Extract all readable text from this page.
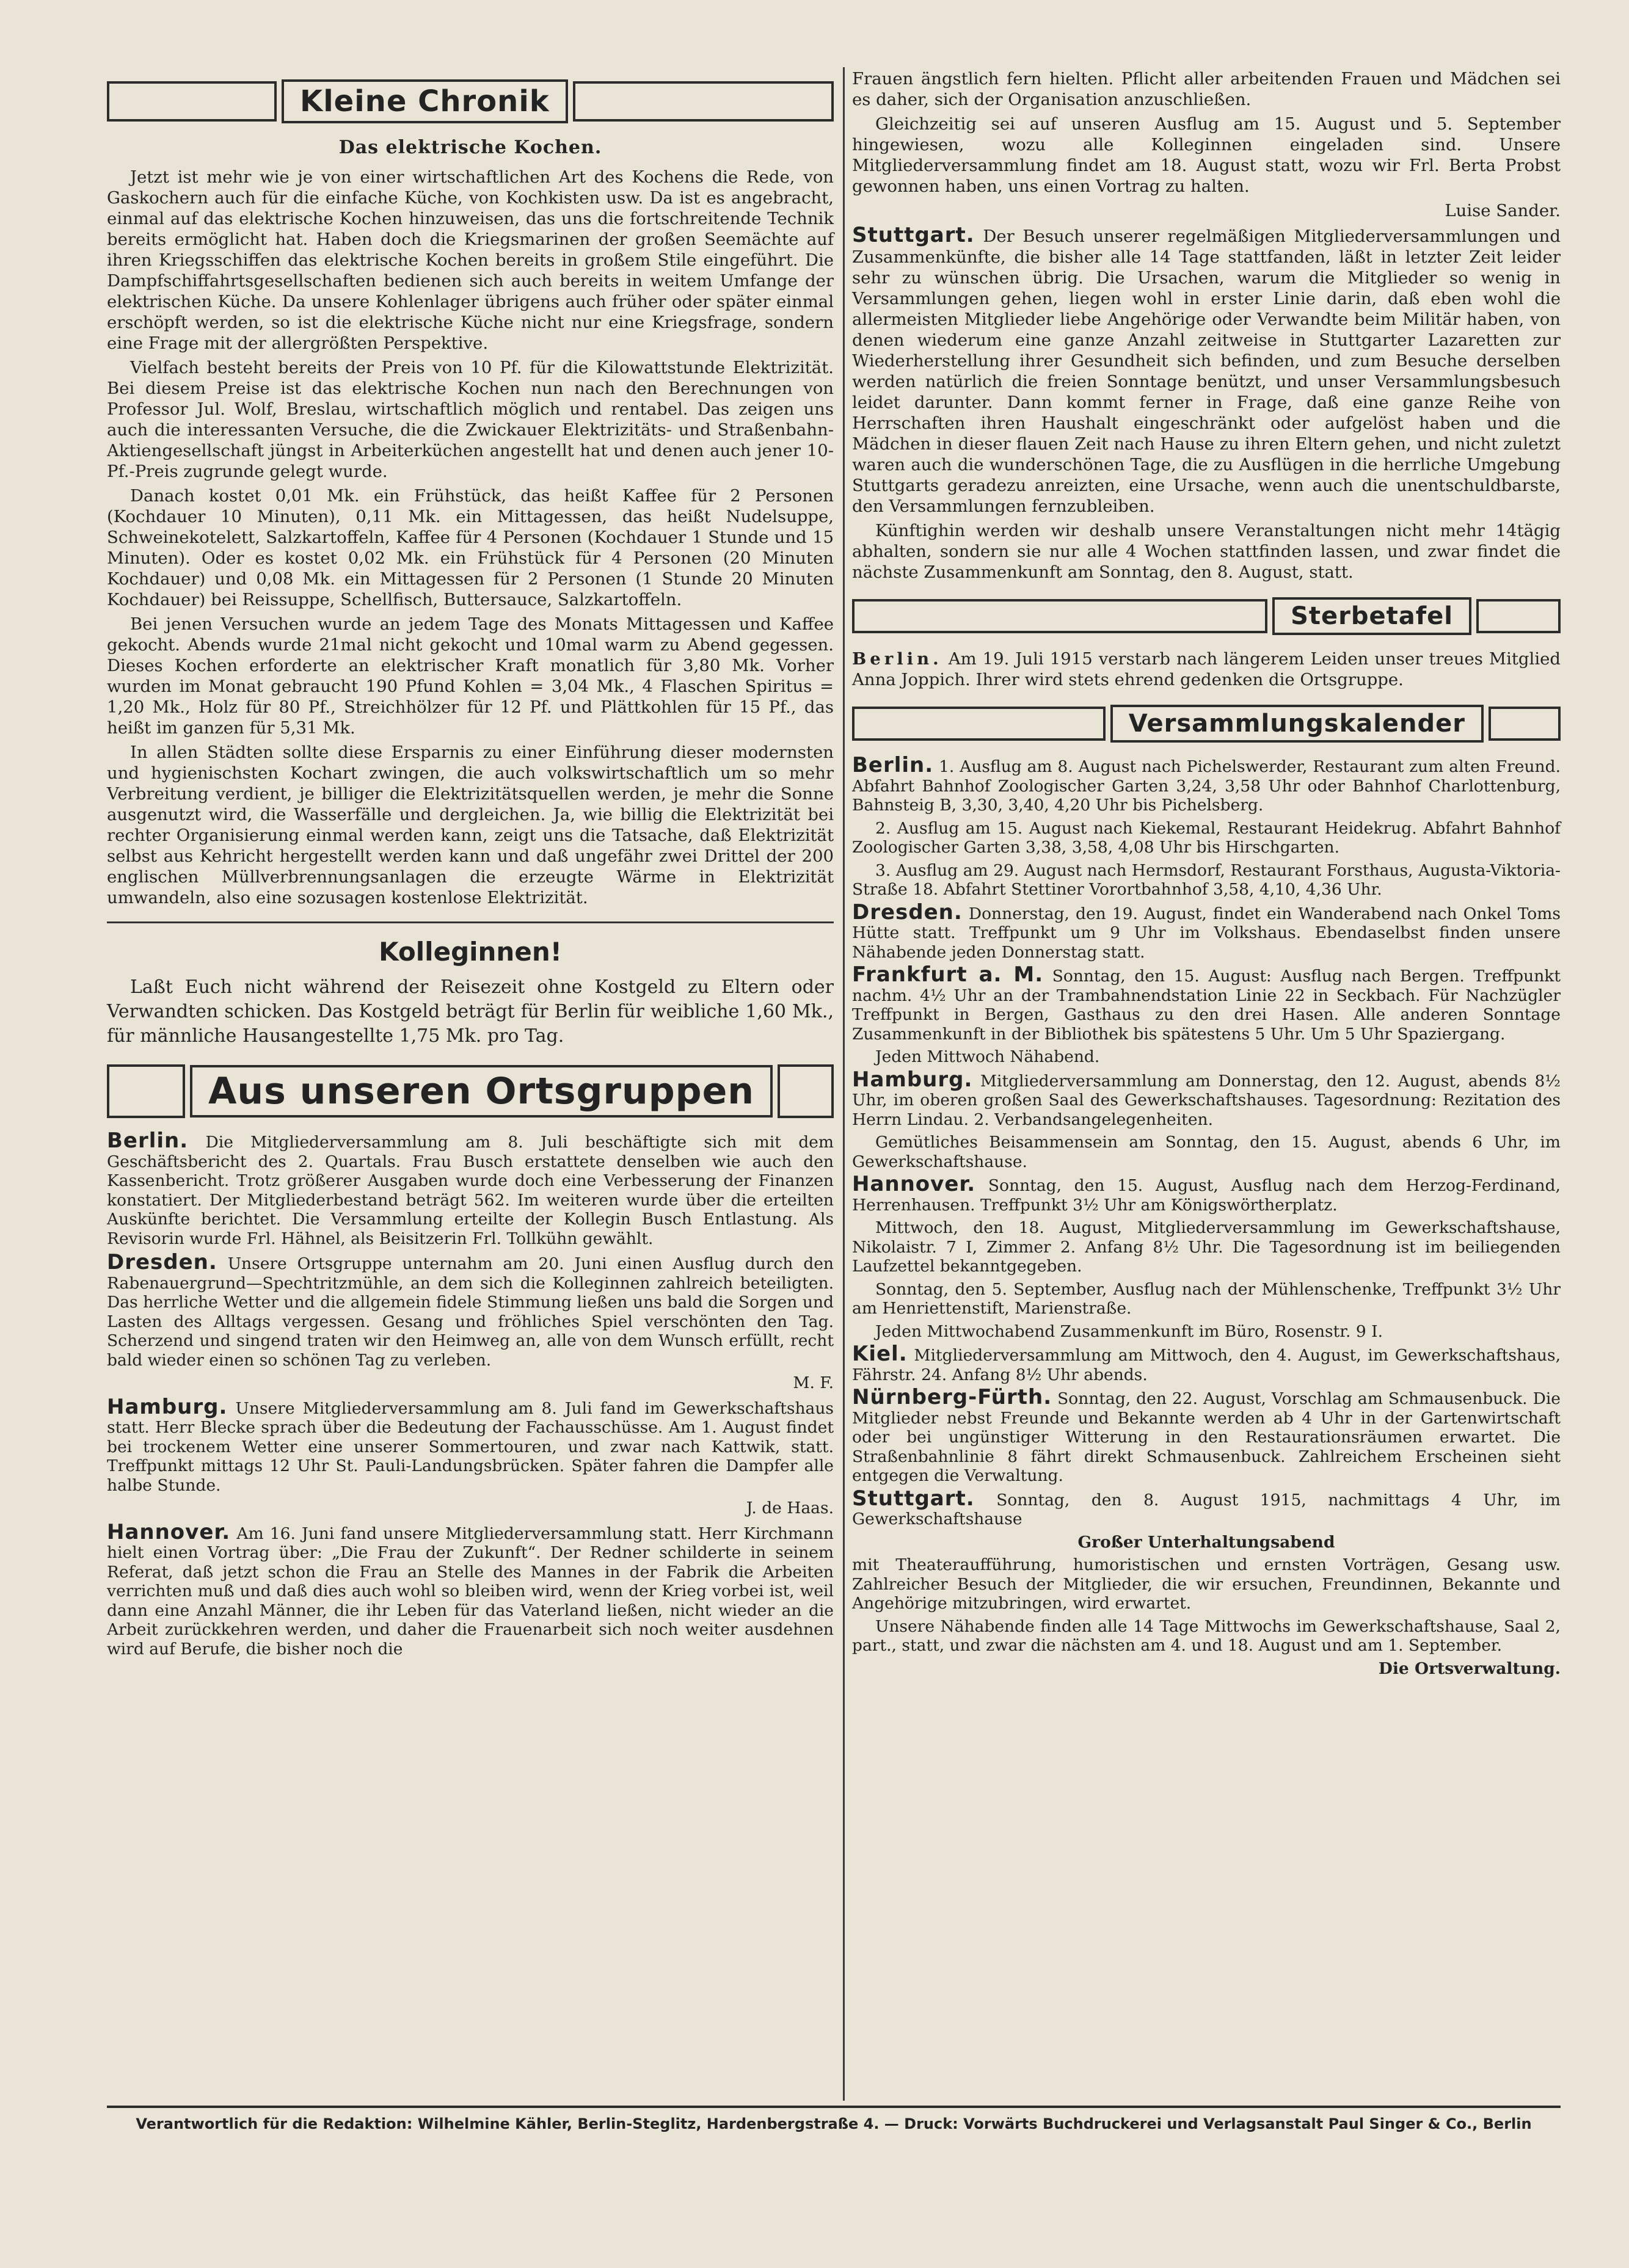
Kleine Chronik
Das elektrische Kochen.

Jetzt ist mehr wie je von einer wirtschaftlichen Art des Kochens die Rede, von Gaskochern auch für die einfache Küche, von Kochkisten usw. Da ist es angebracht, einmal auf das elektrische Kochen hinzuweisen, das uns die fortschreitende Technik bereits ermöglicht hat. Haben doch die Kriegsmarinen der großen Seemächte auf ihren Kriegsschiffen das elektrische Kochen bereits in großem Stile eingeführt. Die Dampfschiffahrtsgesellschaften bedienen sich auch bereits in weitem Umfange der elektrischen Küche. Da unsere Kohlenlager übrigens auch früher oder später einmal erschöpft werden, so ist die elektrische Küche nicht nur eine Kriegsfrage, sondern eine Frage mit der allergrößten Perspektive.

Vielfach besteht bereits der Preis von 10 Pf. für die Kilowattstunde Elektrizität. Bei diesem Preise ist das elektrische Kochen nun nach den Berechnungen von Professor Jul. Wolf, Breslau, wirtschaftlich möglich und rentabel. Das zeigen uns auch die interessanten Versuche, die die Zwickauer Elektrizitäts- und Straßenbahn-Aktiengesellschaft jüngst in Arbeiterküchen angestellt hat und denen auch jener 10-Pf.-Preis zugrunde gelegt wurde.

Danach kostet 0,01 Mk. ein Frühstück, das heißt Kaffee für 2 Personen (Kochdauer 10 Minuten), 0,11 Mk. ein Mittagessen, das heißt Nudelsuppe, Schweinekotelett, Salzkartoffeln, Kaffee für 4 Personen (Kochdauer 1 Stunde und 15 Minuten). Oder es kostet 0,02 Mk. ein Frühstück für 4 Personen (20 Minuten Kochdauer) und 0,08 Mk. ein Mittagessen für 2 Personen (1 Stunde 20 Minuten Kochdauer) bei Reissuppe, Schellfisch, Buttersauce, Salzkartoffeln.

Bei jenen Versuchen wurde an jedem Tage des Monats Mittagessen und Kaffee gekocht. Abends wurde 21mal nicht gekocht und 10mal warm zu Abend gegessen. Dieses Kochen erforderte an elektrischer Kraft monatlich für 3,80 Mk. Vorher wurden im Monat gebraucht 190 Pfund Kohlen = 3,04 Mk., 4 Flaschen Spiritus = 1,20 Mk., Holz für 80 Pf., Streichhölzer für 12 Pf. und Plättkohlen für 15 Pf., das heißt im ganzen für 5,31 Mk.

In allen Städten sollte diese Ersparnis zu einer Einführung dieser modernsten und hygienischsten Kochart zwingen, die auch volkswirtschaftlich um so mehr Verbreitung verdient, je billiger die Elektrizitätsquellen werden, je mehr die Sonne ausgenutzt wird, die Wasserfälle und dergleichen. Ja, wie billig die Elektrizität bei rechter Organisierung einmal werden kann, zeigt uns die Tatsache, daß Elektrizität selbst aus Kehricht hergestellt werden kann und daß ungefähr zwei Drittel der 200 englischen Müllverbrennungsanlagen die erzeugte Wärme in Elektrizität umwandeln, also eine sozusagen kostenlose Elektrizität.

Kolleginnen!

Laßt Euch nicht während der Reisezeit ohne Kostgeld zu Eltern oder Verwandten schicken. Das Kostgeld beträgt für Berlin für weibliche 1,60 Mk., für männliche Hausangestellte 1,75 Mk. pro Tag.

Aus unseren Ortsgruppen

Berlin. Die Mitgliederversammlung am 8. Juli beschäftigte sich mit dem Geschäftsbericht des 2. Quartals. Frau Busch erstattete denselben wie auch den Kassenbericht. Trotz größerer Ausgaben wurde doch eine Verbesserung der Finanzen konstatiert. Der Mitgliederbestand beträgt 562. Im weiteren wurde über die erteilten Auskünfte berichtet. Die Versammlung erteilte der Kollegin Busch Entlastung. Als Revisorin wurde Frl. Hähnel, als Beisitzerin Frl. Tollkühn gewählt.

Dresden. Unsere Ortsgruppe unternahm am 20. Juni einen Ausflug durch den Rabenauergrund—Spechtritzmühle, an dem sich die Kolleginnen zahlreich beteiligten. Das herrliche Wetter und die allgemein fidele Stimmung ließen uns bald die Sorgen und Lasten des Alltags vergessen. Gesang und fröhliches Spiel verschönten den Tag. Scherzend und singend traten wir den Heimweg an, alle von dem Wunsch erfüllt, recht bald wieder einen so schönen Tag zu verleben.

M. F.

Hamburg. Unsere Mitgliederversammlung am 8. Juli fand im Gewerkschaftshaus statt. Herr Blecke sprach über die Bedeutung der Fachausschüsse. Am 1. August findet bei trockenem Wetter eine unserer Sommertouren, und zwar nach Kattwik, statt. Treffpunkt mittags 12 Uhr St. Pauli-Landungsbrücken. Später fahren die Dampfer alle halbe Stunde.

J. de Haas.

Hannover. Am 16. Juni fand unsere Mitgliederversammlung statt. Herr Kirchmann hielt einen Vortrag über: „Die Frau der Zukunft“. Der Redner schilderte in seinem Referat, daß jetzt schon die Frau an Stelle des Mannes in der Fabrik die Arbeiten verrichten muß und daß dies auch wohl so bleiben wird, wenn der Krieg vorbei ist, weil dann eine Anzahl Männer, die ihr Leben für das Vaterland ließen, nicht wieder an die Arbeit zurückkehren werden, und daher die Frauenarbeit sich noch weiter ausdehnen wird auf Berufe, die bisher noch die

Frauen ängstlich fern hielten. Pflicht aller arbeitenden Frauen und Mädchen sei es daher, sich der Organisation anzuschließen.

Gleichzeitig sei auf unseren Ausflug am 15. August und 5. September hingewiesen, wozu alle Kolleginnen eingeladen sind. Unsere Mitgliederversammlung findet am 18. August statt, wozu wir Frl. Berta Probst gewonnen haben, uns einen Vortrag zu halten.

Luise Sander.

Stuttgart. Der Besuch unserer regelmäßigen Mitgliederversammlungen und Zusammenkünfte, die bisher alle 14 Tage stattfanden, läßt in letzter Zeit leider sehr zu wünschen übrig. Die Ursachen, warum die Mitglieder so wenig in Versammlungen gehen, liegen wohl in erster Linie darin, daß eben wohl die allermeisten Mitglieder liebe Angehörige oder Verwandte beim Militär haben, von denen wiederum eine ganze Anzahl zeitweise in Stuttgarter Lazaretten zur Wiederherstellung ihrer Gesundheit sich befinden, und zum Besuche derselben werden natürlich die freien Sonntage benützt, und unser Versammlungsbesuch leidet darunter. Dann kommt ferner in Frage, daß eine ganze Reihe von Herrschaften ihren Haushalt eingeschränkt oder aufgelöst haben und die Mädchen in dieser flauen Zeit nach Hause zu ihren Eltern gehen, und nicht zuletzt waren auch die wunderschönen Tage, die zu Ausflügen in die herrliche Umgebung Stuttgarts geradezu anreizten, eine Ursache, wenn auch die unentschuldbarste, den Versammlungen fernzubleiben.

Künftighin werden wir deshalb unsere Veranstaltungen nicht mehr 14tägig abhalten, sondern sie nur alle 4 Wochen stattfinden lassen, und zwar findet die nächste Zusammenkunft am Sonntag, den 8. August, statt.

Sterbetafel

Berlin. Am 19. Juli 1915 verstarb nach längerem Leiden unser treues Mitglied Anna Joppich. Ihrer wird stets ehrend gedenken die Ortsgruppe.

Versammlungskalender

Berlin. 1. Ausflug am 8. August nach Pichelswerder, Restaurant zum alten Freund. Abfahrt Bahnhof Zoologischer Garten 3,24, 3,58 Uhr oder Bahnhof Charlottenburg, Bahnsteig B, 3,30, 3,40, 4,20 Uhr bis Pichelsberg.

2. Ausflug am 15. August nach Kiekemal, Restaurant Heidekrug. Abfahrt Bahnhof Zoologischer Garten 3,38, 3,58, 4,08 Uhr bis Hirschgarten.

3. Ausflug am 29. August nach Hermsdorf, Restaurant Forsthaus, Augusta-Viktoria-Straße 18. Abfahrt Stettiner Vorortbahnhof 3,58, 4,10, 4,36 Uhr.

Dresden. Donnerstag, den 19. August, findet ein Wanderabend nach Onkel Toms Hütte statt. Treffpunkt um 9 Uhr im Volkshaus. Ebendaselbst finden unsere Nähabende jeden Donnerstag statt.

Frankfurt a. M. Sonntag, den 15. August: Ausflug nach Bergen. Treffpunkt nachm. 4½ Uhr an der Trambahnendstation Linie 22 in Seckbach. Für Nachzügler Treffpunkt in Bergen, Gasthaus zu den drei Hasen. Alle anderen Sonntage Zusammenkunft in der Bibliothek bis spätestens 5 Uhr. Um 5 Uhr Spaziergang.

Jeden Mittwoch Nähabend.

Hamburg. Mitgliederversammlung am Donnerstag, den 12. August, abends 8½ Uhr, im oberen großen Saal des Gewerkschaftshauses. Tagesordnung: Rezitation des Herrn Lindau. 2. Verbandsangelegenheiten.

Gemütliches Beisammensein am Sonntag, den 15. August, abends 6 Uhr, im Gewerkschaftshause.

Hannover. Sonntag, den 15. August, Ausflug nach dem Herzog-Ferdinand, Herrenhausen. Treffpunkt 3½ Uhr am Königswörtherplatz.

Mittwoch, den 18. August, Mitgliederversammlung im Gewerkschaftshause, Nikolaistr. 7 I, Zimmer 2. Anfang 8½ Uhr. Die Tagesordnung ist im beiliegenden Laufzettel bekanntgegeben.

Sonntag, den 5. September, Ausflug nach der Mühlenschenke, Treffpunkt 3½ Uhr am Henriettenstift, Marienstraße.

Jeden Mittwochabend Zusammenkunft im Büro, Rosenstr. 9 I.

Kiel. Mitgliederversammlung am Mittwoch, den 4. August, im Gewerkschaftshaus, Fährstr. 24. Anfang 8½ Uhr abends.

Nürnberg-Fürth. Sonntag, den 22. August, Vorschlag am Schmausenbuck. Die Mitglieder nebst Freunde und Bekannte werden ab 4 Uhr in der Gartenwirtschaft oder bei ungünstiger Witterung in den Restaurationsräumen erwartet. Die Straßenbahnlinie 8 fährt direkt Schmausenbuck. Zahlreichem Erscheinen sieht entgegen die Verwaltung.

Stuttgart. Sonntag, den 8. August 1915, nachmittags 4 Uhr, im Gewerkschaftshause

Großer Unterhaltungsabend

mit Theateraufführung, humoristischen und ernsten Vorträgen, Gesang usw. Zahlreicher Besuch der Mitglieder, die wir ersuchen, Freundinnen, Bekannte und Angehörige mitzubringen, wird erwartet.

Unsere Nähabende finden alle 14 Tage Mittwochs im Gewerkschaftshause, Saal 2, part., statt, und zwar die nächsten am 4. und 18. August und am 1. September.

Die Ortsverwaltung.

Verantwortlich für die Redaktion: Wilhelmine Kähler, Berlin-Steglitz, Hardenbergstraße 4. — Druck: Vorwärts Buchdruckerei und Verlagsanstalt Paul Singer & Co., Berlin
